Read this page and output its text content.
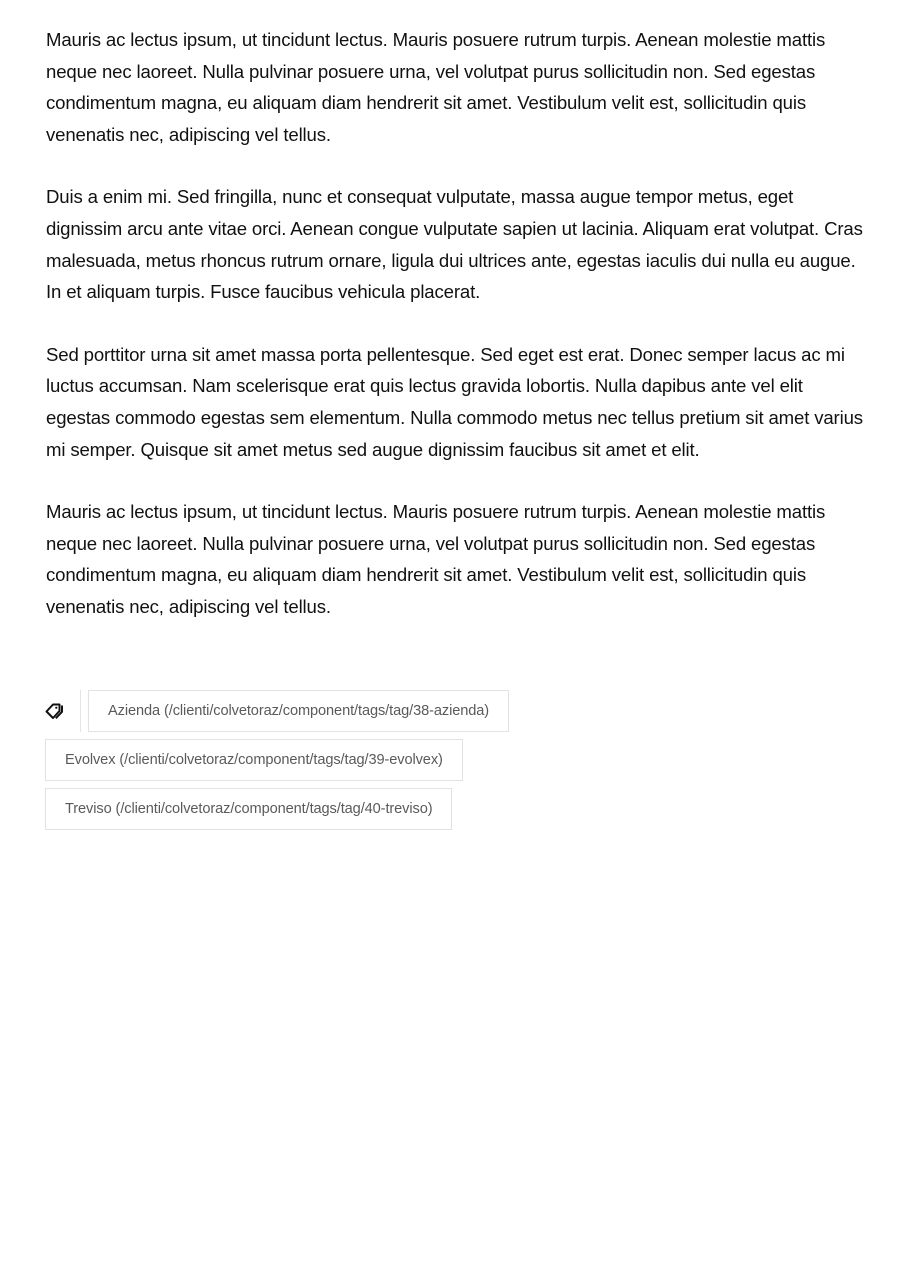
Mauris ac lectus ipsum, ut tincidunt lectus. Mauris posuere rutrum turpis. Aenean molestie mattis neque nec laoreet. Nulla pulvinar posuere urna, vel volutpat purus sollicitudin non. Sed egestas condimentum magna, eu aliquam diam hendrerit sit amet. Vestibulum velit est, sollicitudin quis venenatis nec, adipiscing vel tellus.

Duis a enim mi. Sed fringilla, nunc et consequat vulputate, massa augue tempor metus, eget dignissim arcu ante vitae orci. Aenean congue vulputate sapien ut lacinia. Aliquam erat volutpat. Cras malesuada, metus rhoncus rutrum ornare, ligula dui ultrices ante, egestas iaculis dui nulla eu augue. In et aliquam turpis. Fusce faucibus vehicula placerat.

Sed porttitor urna sit amet massa porta pellentesque. Sed eget est erat. Donec semper lacus ac mi luctus accumsan. Nam scelerisque erat quis lectus gravida lobortis. Nulla dapibus ante vel elit egestas commodo egestas sem elementum. Nulla commodo metus nec tellus pretium sit amet varius mi semper. Quisque sit amet metus sed augue dignissim faucibus sit amet et elit.

Mauris ac lectus ipsum, ut tincidunt lectus. Mauris posuere rutrum turpis. Aenean molestie mattis neque nec laoreet. Nulla pulvinar posuere urna, vel volutpat purus sollicitudin non. Sed egestas condimentum magna, eu aliquam diam hendrerit sit amet. Vestibulum velit est, sollicitudin quis venenatis nec, adipiscing vel tellus.

Azienda (/clienti/colvetoraz/component/tags/tag/38-azienda)
Evolvex (/clienti/colvetoraz/component/tags/tag/39-evolvex)
Treviso (/clienti/colvetoraz/component/tags/tag/40-treviso)
